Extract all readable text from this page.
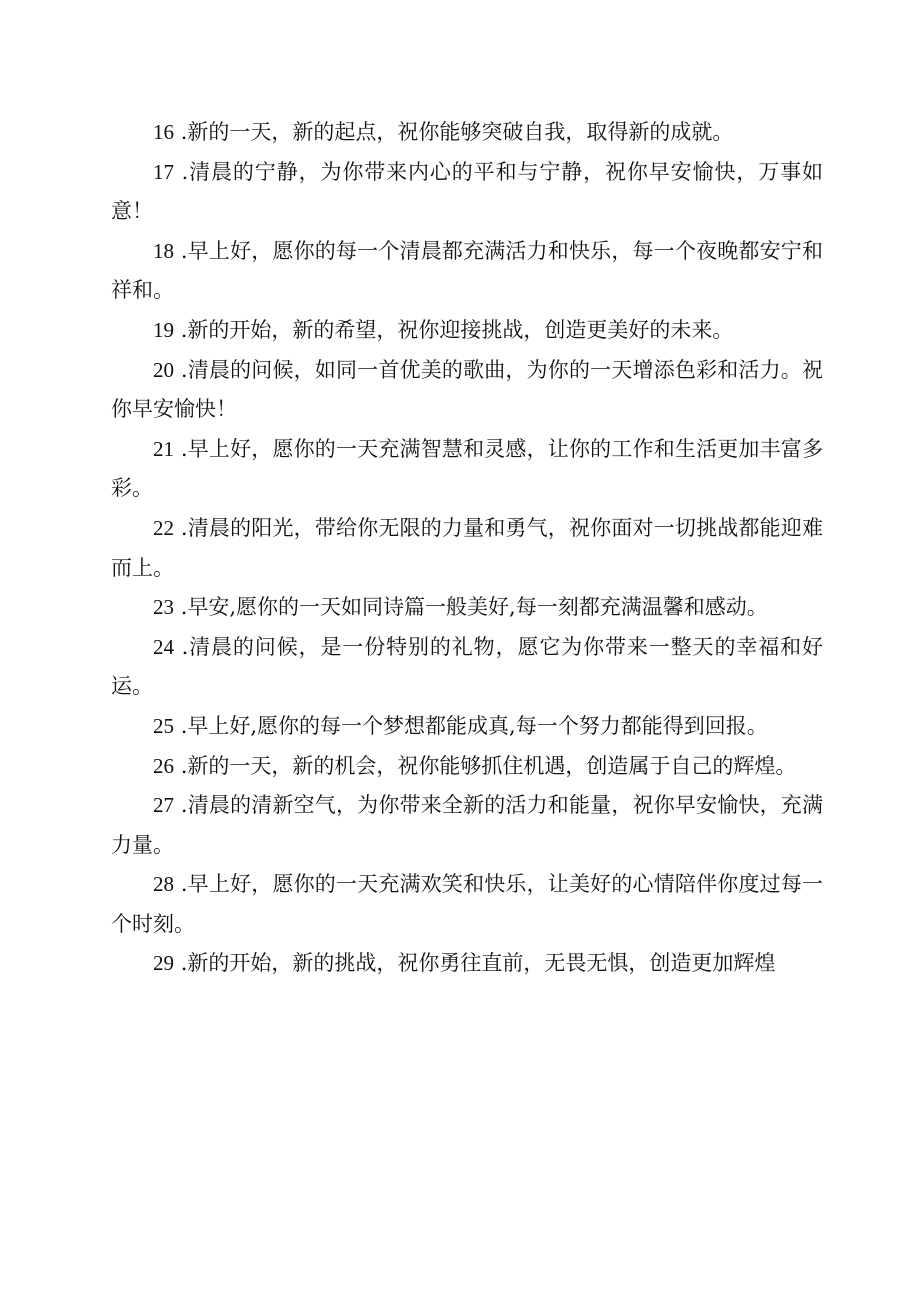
16 .新的一天，新的起点，祝你能够突破自我，取得新的成就。

17 .清晨的宁静，为你带来内心的平和与宁静，祝你早安愉快，万事如意！

18 .早上好，愿你的每一个清晨都充满活力和快乐，每一个夜晚都安宁和祥和。

19 .新的开始，新的希望，祝你迎接挑战，创造更美好的未来。

20 .清晨的问候，如同一首优美的歌曲，为你的一天增添色彩和活力。祝你早安愉快！

21 .早上好，愿你的一天充满智慧和灵感，让你的工作和生活更加丰富多彩。

22 .清晨的阳光，带给你无限的力量和勇气，祝你面对一切挑战都能迎难而上。

23 .早安,愿你的一天如同诗篇一般美好,每一刻都充满温馨和感动。

24 .清晨的问候，是一份特别的礼物，愿它为你带来一整天的幸福和好运。

25 .早上好,愿你的每一个梦想都能成真,每一个努力都能得到回报。

26 .新的一天，新的机会，祝你能够抓住机遇，创造属于自己的辉煌。

27 .清晨的清新空气，为你带来全新的活力和能量，祝你早安愉快，充满力量。

28 .早上好，愿你的一天充满欢笑和快乐，让美好的心情陪伴你度过每一个时刻。

29 .新的开始，新的挑战，祝你勇往直前，无畏无惧，创造更加辉煌
